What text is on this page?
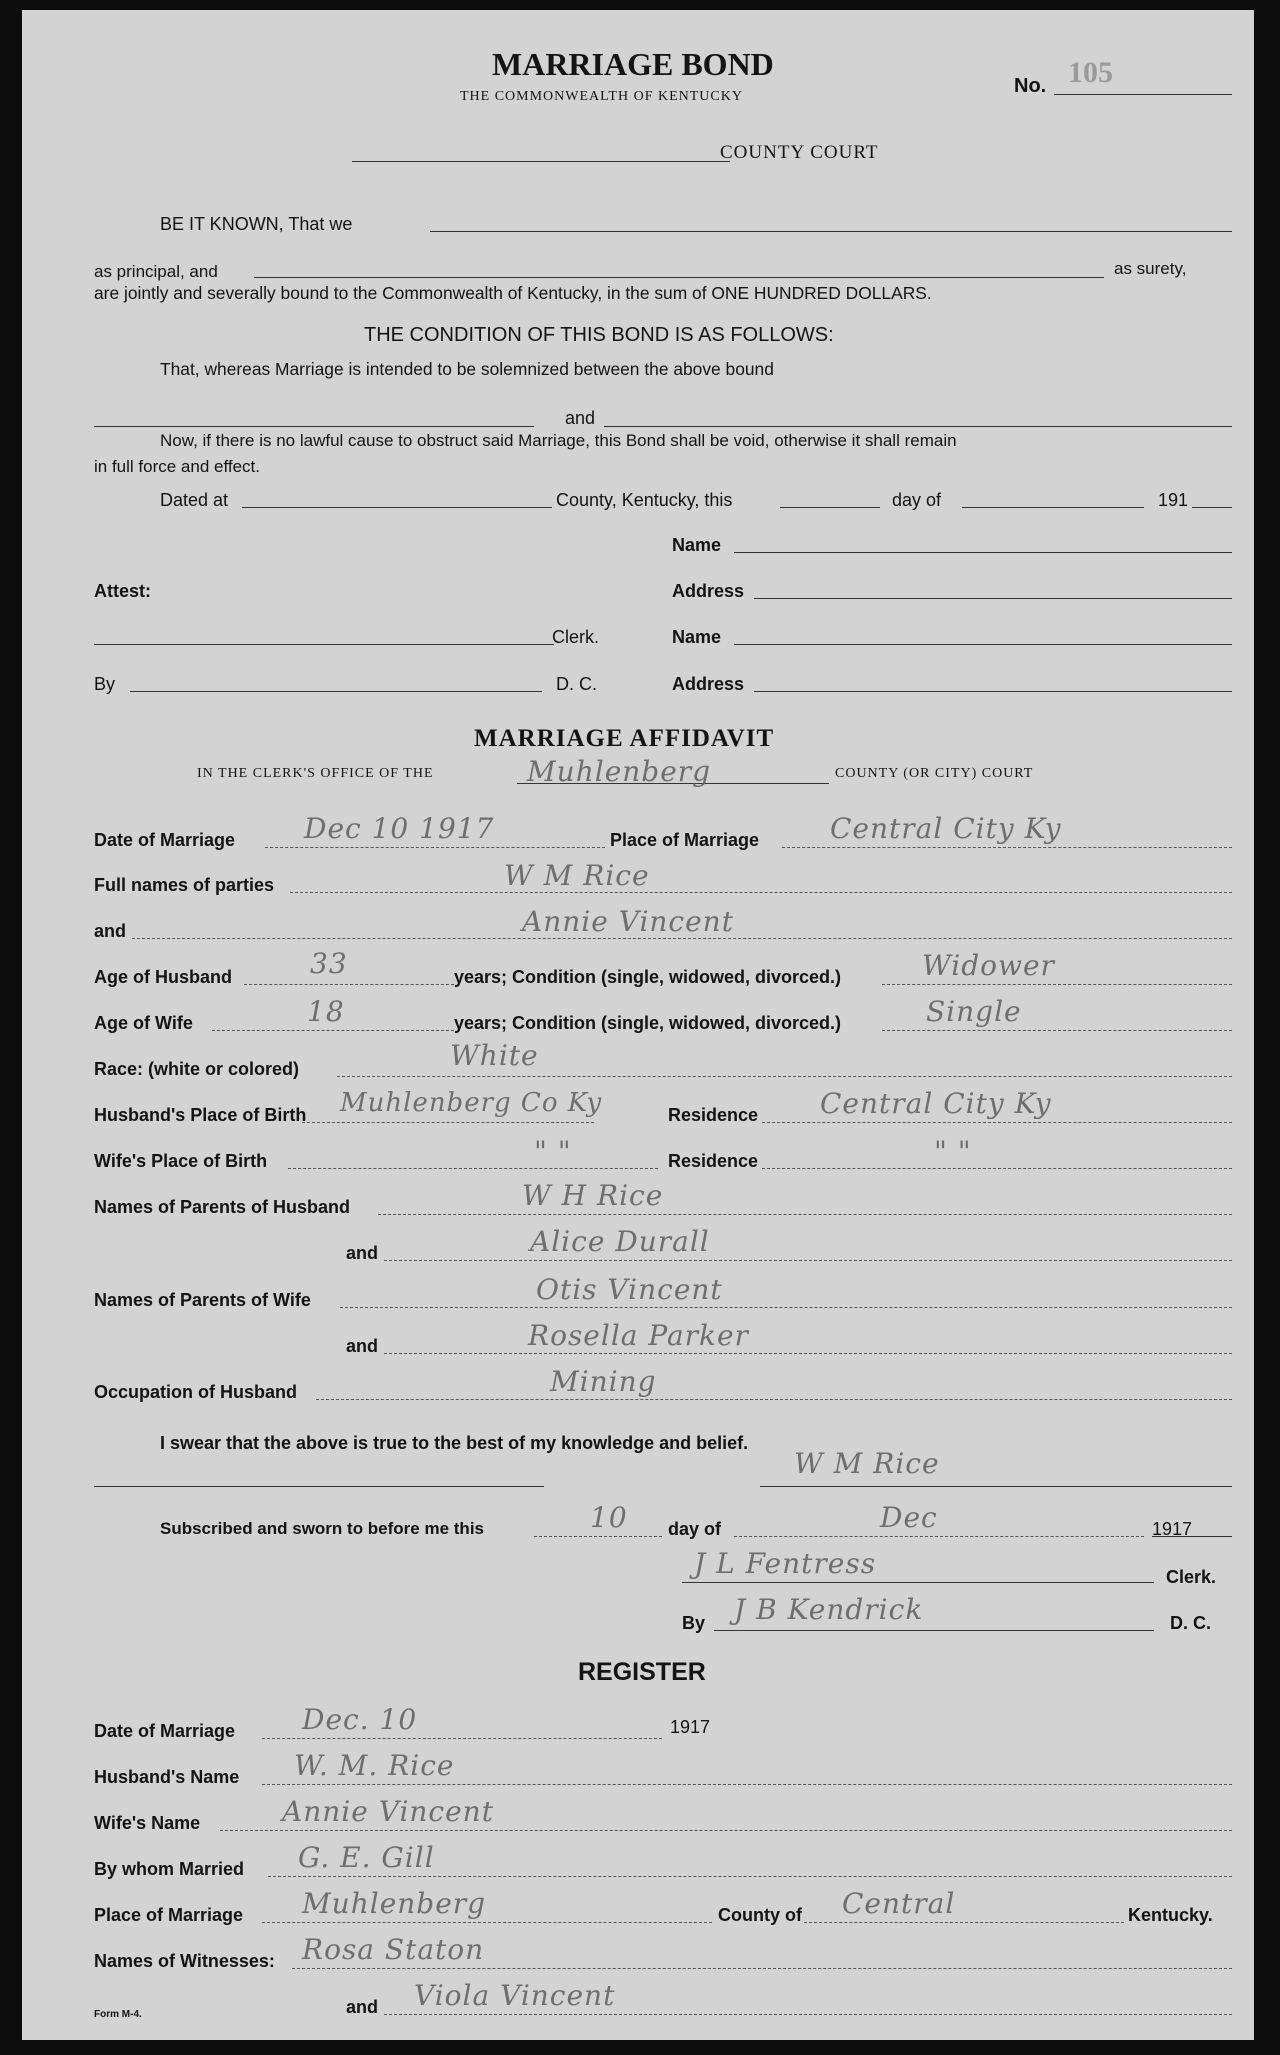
MARRIAGE BOND
THE COMMONWEALTH OF KENTUCKY	No. 105
COUNTY COURT
BE IT KNOWN, That we
as principal, and	as surety,
are jointly and severally bound to the Commonwealth of Kentucky, in the sum of ONE HUNDRED DOLLARS.
THE CONDITION OF THIS BOND IS AS FOLLOWS:
That, whereas Marriage is intended to be solemnized between the above bound
and
Now, if there is no lawful cause to obstruct said Marriage, this Bond shall be void, otherwise it shall remain
in full force and effect.
Dated at	County, Kentucky, this	day of	191
Name
Attest:	Address
Clerk.	Name
By	D. C.	Address
MARRIAGE AFFIDAVIT
IN THE CLERK'S OFFICE OF THE	Muhlenberg	COUNTY (OR CITY) COURT
Date of Marriage Dec 10 1917	Place of Marriage	Central City Ky
Full names of parties	W M Rice
and	Annie Vincent
Age of Husband	33	years; Condition (single, widowed, divorced.)	Widower
Age of Wife	18	years; Condition (single, widowed, divorced.)	Single
Race: (white or colored)	White
Husband's Place of Birth Muhlenberg Co Ky	Residence Central City Ky
Wife's Place of Birth	" "	Residence	" "
Names of Parents of Husband	W H Rice
and	Alice Durall
Names of Parents of Wife	Otis Vincent
and	Rosella Parker
Occupation of Husband	Mining
I swear that the above is true to the best of my knowledge and belief.
W M Rice
Subscribed and sworn to before me this	10 day of	Dec	1917
J L Fentress	Clerk.
By J B Kendrick	D. C.
REGISTER
Date of Marriage Dec. 10	1917
Husband's Name W. M. Rice
Wife's Name	Annie Vincent
By whom Married G. E. Gill
Place of Marriage Muhlenberg	County of Central	Kentucky.
Names of Witnesses: Rosa Staton
Form M-4.	and Viola Vincent
